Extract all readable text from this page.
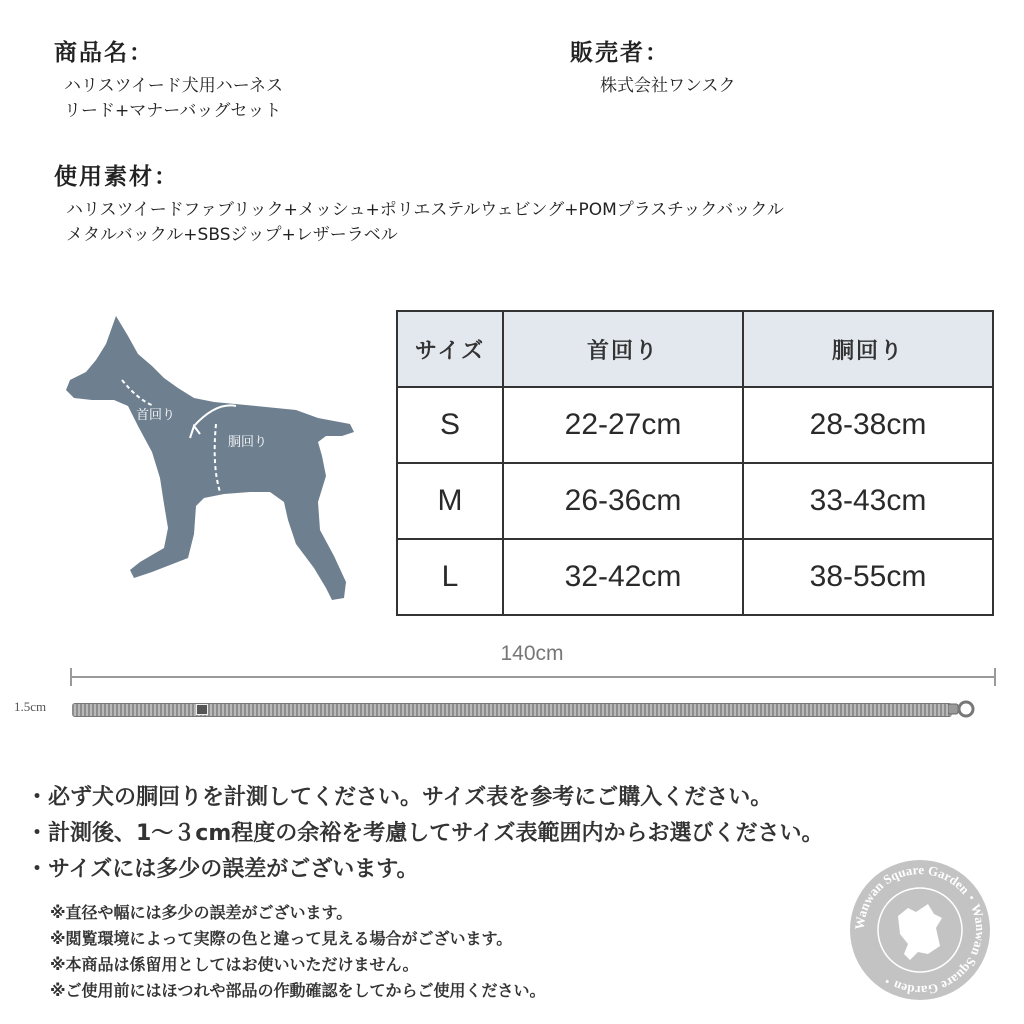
商品名：
ハリスツイード犬用ハーネス
リード+マナーバッグセット
販売者：
株式会社ワンスク
使用素材：
ハリスツイードファブリック+メッシュ+ポリエステルウェビング+POMプラスチックバックル
メタルバックル+SBSジップ+レザーラベル
首回り
胴回り
サイズ	首回り	胴回り
S	22-27cm	28-38cm
M	26-36cm	33-43cm
L	32-42cm	38-55cm
140cm
1.5cm
・必ず犬の胴回りを計測してください。サイズ表を参考にご購入ください。
・計測後、1～３cm程度の余裕を考慮してサイズ表範囲内からお選びください。
・サイズには多少の誤差がございます。
※直径や幅には多少の誤差がございます。
※閲覧環境によって実際の色と違って見える場合がございます。
※本商品は係留用としてはお使いいただけません。
※ご使用前にはほつれや部品の作動確認をしてからご使用ください。
Wanwan Square Garden・Wanwan Square Garden・
